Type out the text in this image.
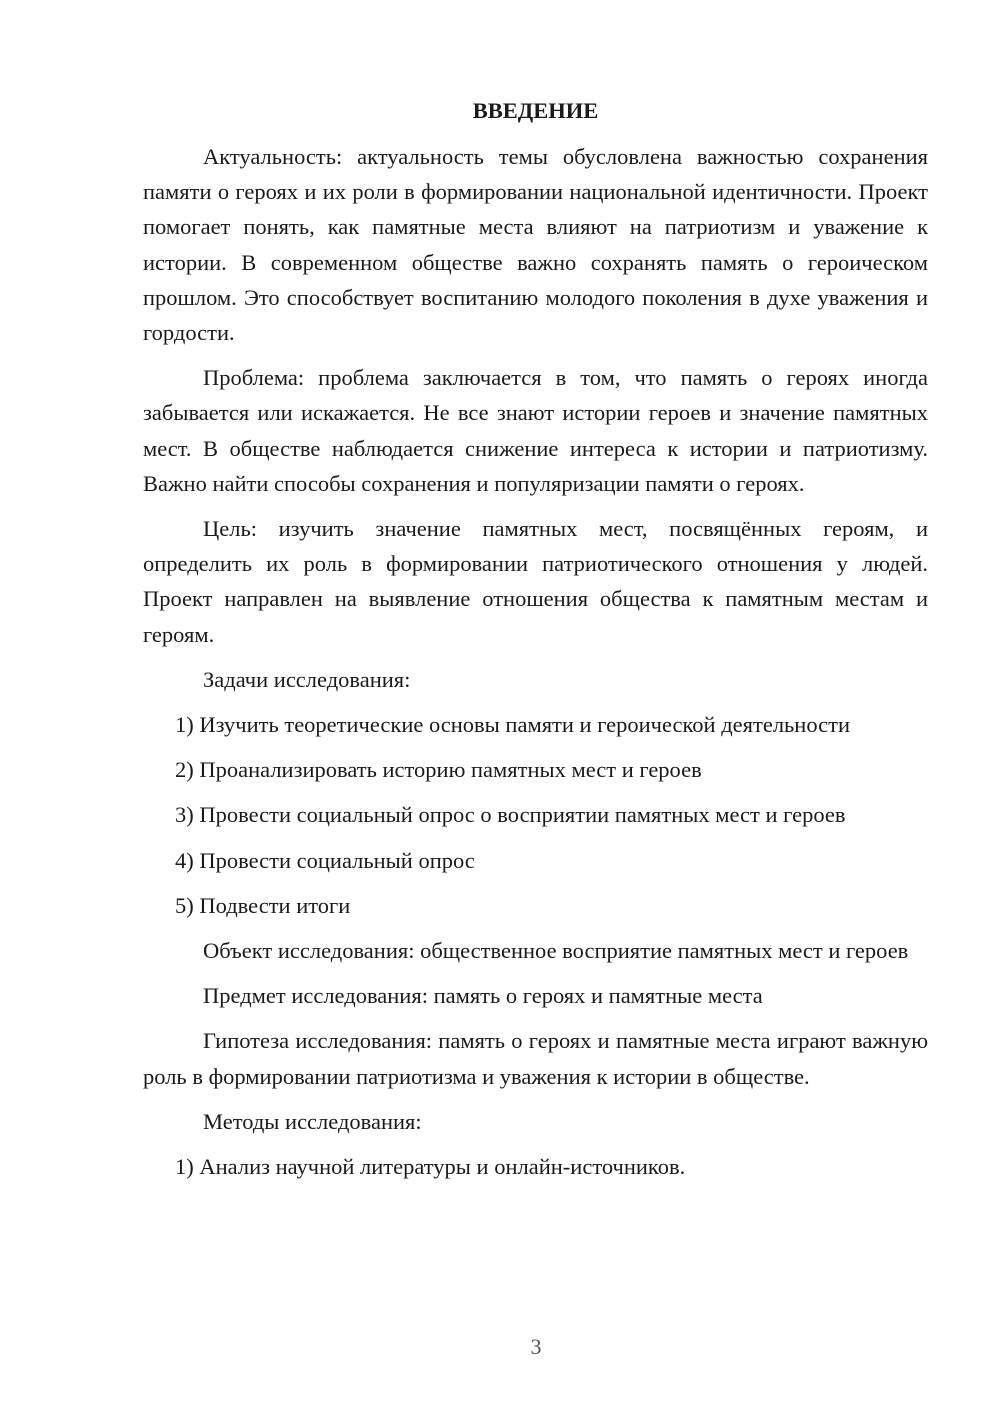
ВВЕДЕНИЕ

Актуальность: актуальность темы обусловлена важностью сохранения памяти о героях и их роли в формировании национальной идентичности. Проект помогает понять, как памятные места влияют на патриотизм и уважение к истории. В современном обществе важно сохранять память о героическом прошлом. Это способствует воспитанию молодого поколения в духе уважения и гордости.

Проблема: проблема заключается в том, что память о героях иногда забывается или искажается. Не все знают истории героев и значение памятных мест. В обществе наблюдается снижение интереса к истории и патриотизму. Важно найти способы сохранения и популяризации памяти о героях.

Цель: изучить значение памятных мест, посвящённых героям, и определить их роль в формировании патриотического отношения у людей. Проект направлен на выявление отношения общества к памятным местам и героям.

Задачи исследования:
1) Изучить теоретические основы памяти и героической деятельности
2) Проанализировать историю памятных мест и героев
3) Провести социальный опрос о восприятии памятных мест и героев
4) Провести социальный опрос
5) Подвести итоги

Объект исследования: общественное восприятие памятных мест и героев

Предмет исследования: память о героях и памятные места

Гипотеза исследования: память о героях и памятные места играют важную роль в формировании патриотизма и уважения к истории в обществе.

Методы исследования:
1) Анализ научной литературы и онлайн-источников.
3
